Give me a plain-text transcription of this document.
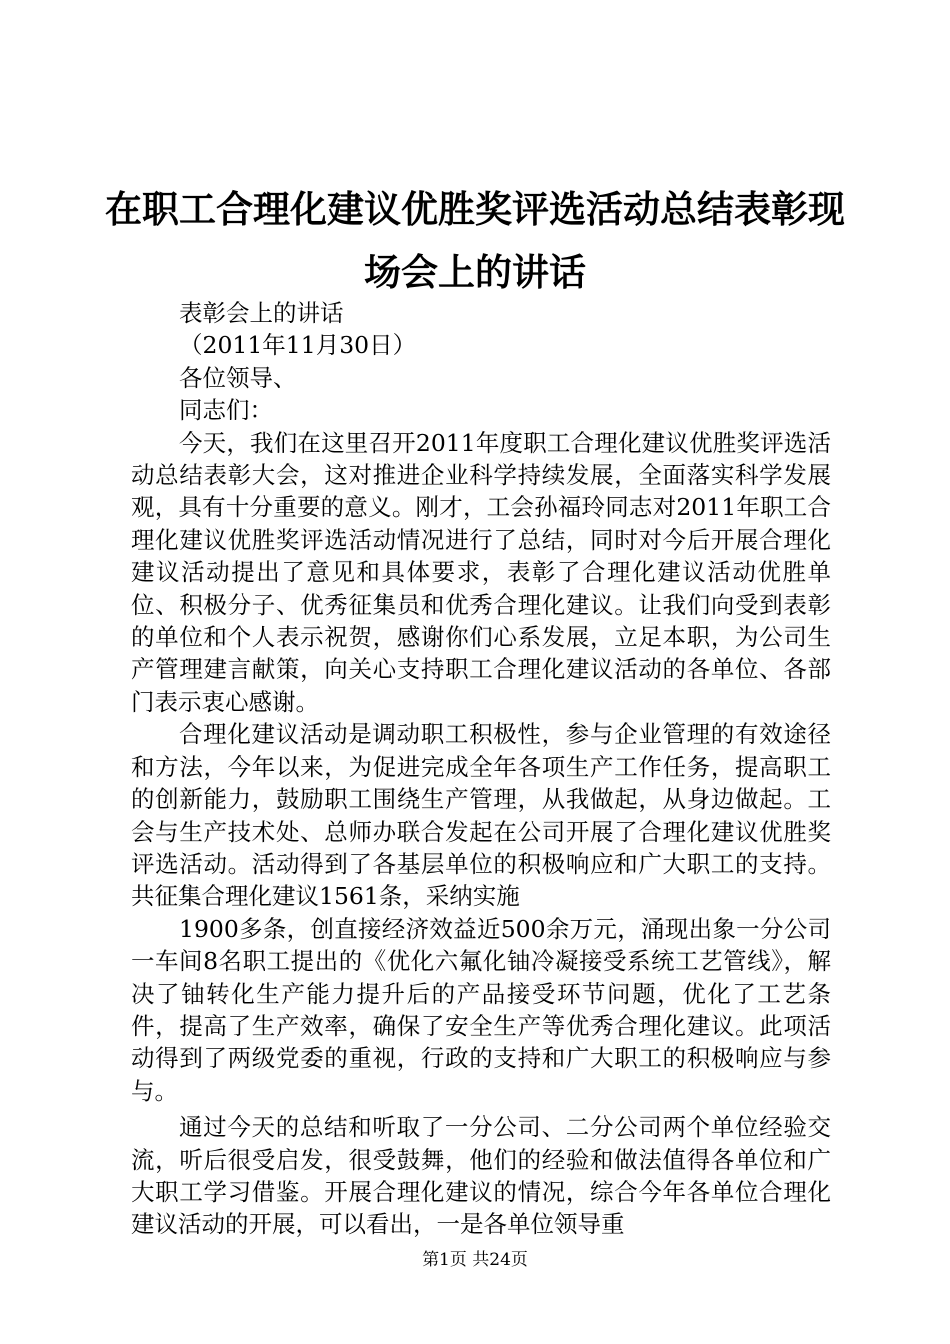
在职工合理化建议优胜奖评选活动总结表彰现场会上的讲话

表彰会上的讲话

（2011年11月30日）

各位领导、

同志们：

今天，我们在这里召开2011年度职工合理化建议优胜奖评选活动总结表彰大会，这对推进企业科学持续发展，全面落实科学发展观，具有十分重要的意义。刚才，工会孙福玲同志对2011年职工合理化建议优胜奖评选活动情况进行了总结，同时对今后开展合理化建议活动提出了意见和具体要求，表彰了合理化建议活动优胜单位、积极分子、优秀征集员和优秀合理化建议。让我们向受到表彰的单位和个人表示祝贺，感谢你们心系发展，立足本职，为公司生产管理建言献策，向关心支持职工合理化建议活动的各单位、各部门表示衷心感谢。

合理化建议活动是调动职工积极性，参与企业管理的有效途径和方法，今年以来，为促进完成全年各项生产工作任务，提高职工的创新能力，鼓励职工围绕生产管理，从我做起，从身边做起。工会与生产技术处、总师办联合发起在公司开展了合理化建议优胜奖评选活动。活动得到了各基层单位的积极响应和广大职工的支持。共征集合理化建议1561条，采纳实施

1900多条，创直接经济效益近500余万元，涌现出象一分公司一车间8名职工提出的《优化六氟化铀冷凝接受系统工艺管线》，解决了铀转化生产能力提升后的产品接受环节问题，优化了工艺条件，提高了生产效率，确保了安全生产等优秀合理化建议。此项活动得到了两级党委的重视，行政的支持和广大职工的积极响应与参与。

通过今天的总结和听取了一分公司、二分公司两个单位经验交流，听后很受启发，很受鼓舞，他们的经验和做法值得各单位和广大职工学习借鉴。开展合理化建议的情况，综合今年各单位合理化建议活动的开展，可以看出，一是各单位领导重

第1页 共24页
